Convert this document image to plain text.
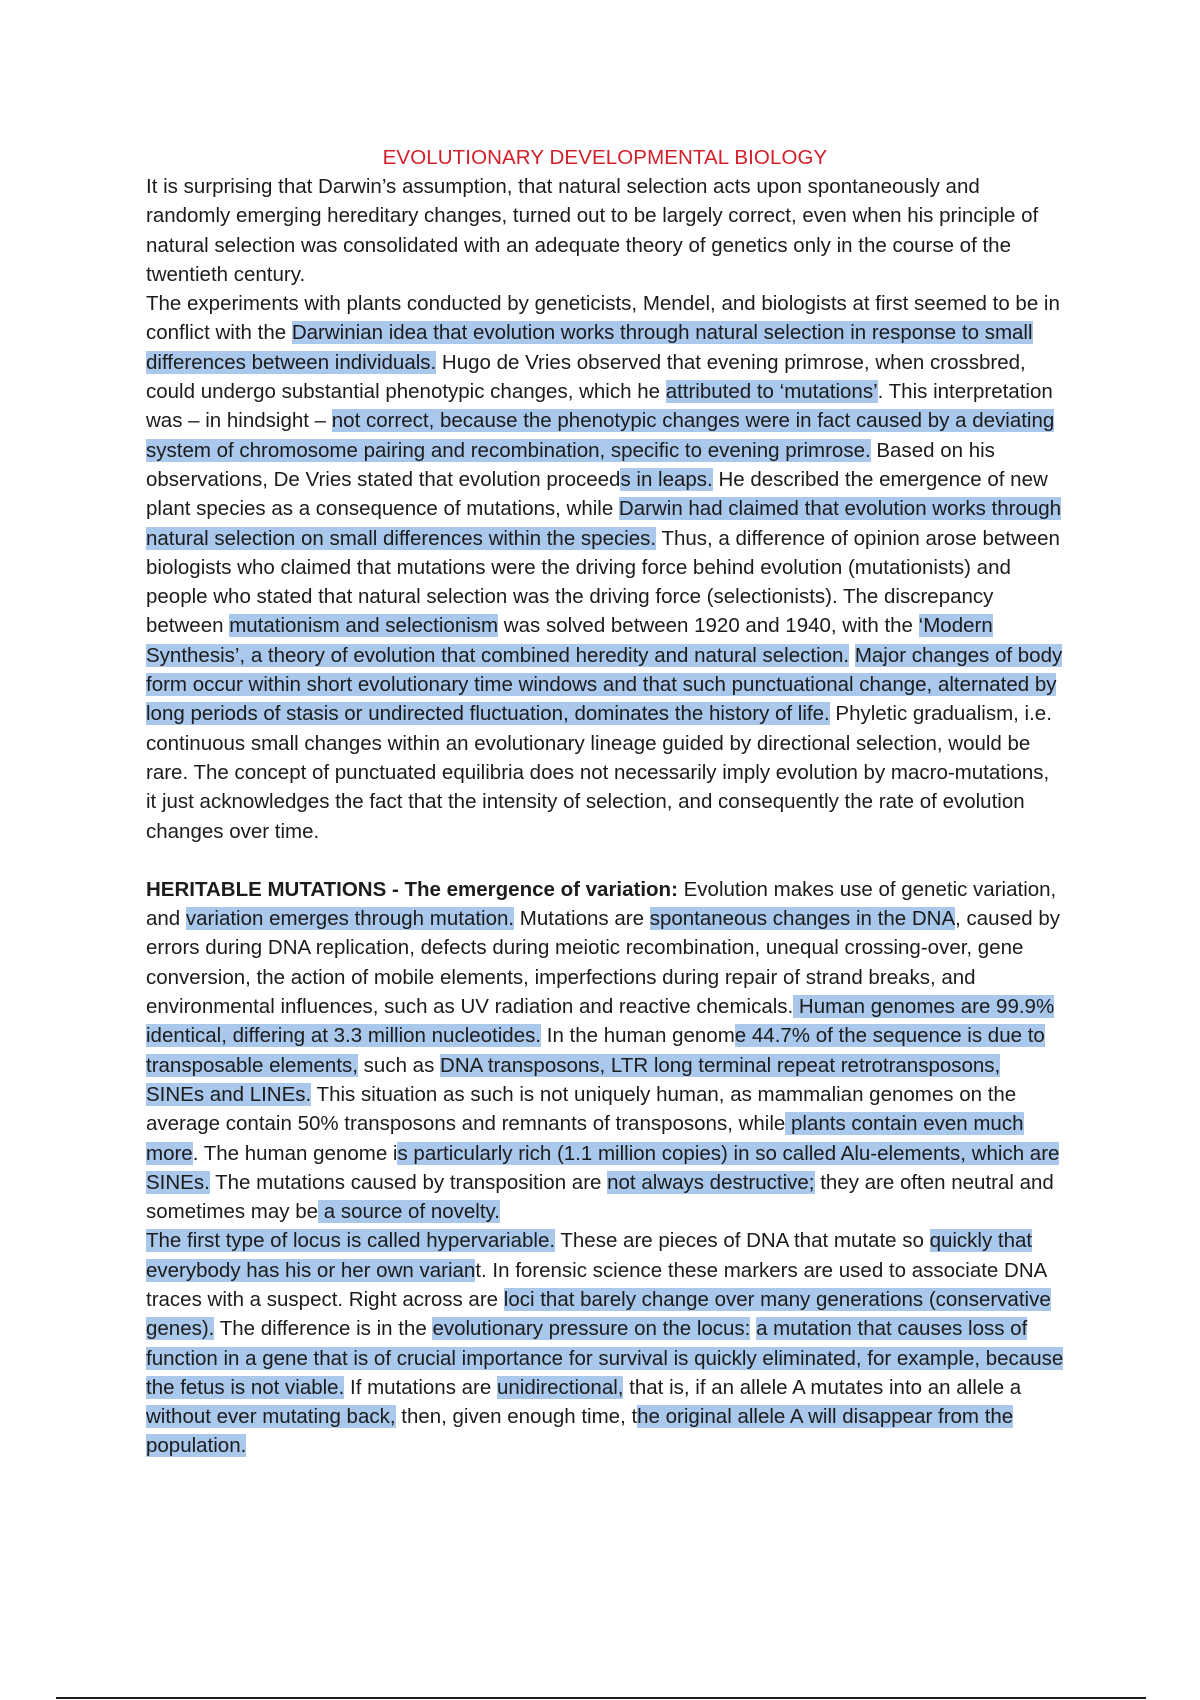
EVOLUTIONARY DEVELOPMENTAL BIOLOGY

It is surprising that Darwin’s assumption, that natural selection acts upon spontaneously and randomly emerging hereditary changes, turned out to be largely correct, even when his principle of natural selection was consolidated with an adequate theory of genetics only in the course of the twentieth century.

The experiments with plants conducted by geneticists, Mendel, and biologists at first seemed to be in conflict with the Darwinian idea that evolution works through natural selection in response to small differences between individuals. Hugo de Vries observed that evening primrose, when crossbred, could undergo substantial phenotypic changes, which he attributed to ‘mutations’. This interpretation was – in hindsight – not correct, because the phenotypic changes were in fact caused by a deviating system of chromosome pairing and recombination, specific to evening primrose. Based on his observations, De Vries stated that evolution proceeds in leaps. He described the emergence of new plant species as a consequence of mutations, while Darwin had claimed that evolution works through natural selection on small differences within the species. Thus, a difference of opinion arose between biologists who claimed that mutations were the driving force behind evolution (mutationists) and people who stated that natural selection was the driving force (selectionists). The discrepancy between mutationism and selectionism was solved between 1920 and 1940, with the ‘Modern Synthesis’, a theory of evolution that combined heredity and natural selection. Major changes of body form occur within short evolutionary time windows and that such punctuational change, alternated by long periods of stasis or undirected fluctuation, dominates the history of life. Phyletic gradualism, i.e. continuous small changes within an evolutionary lineage guided by directional selection, would be rare. The concept of punctuated equilibria does not necessarily imply evolution by macro-mutations, it just acknowledges the fact that the intensity of selection, and consequently the rate of evolution changes over time.

HERITABLE MUTATIONS - The emergence of variation: Evolution makes use of genetic variation, and variation emerges through mutation. Mutations are spontaneous changes in the DNA, caused by errors during DNA replication, defects during meiotic recombination, unequal crossing-over, gene conversion, the action of mobile elements, imperfections during repair of strand breaks, and environmental influences, such as UV radiation and reactive chemicals. Human genomes are 99.9% identical, differing at 3.3 million nucleotides. In the human genome 44.7% of the sequence is due to transposable elements, such as DNA transposons, LTR long terminal repeat retrotransposons, SINEs and LINEs. This situation as such is not uniquely human, as mammalian genomes on the average contain 50% transposons and remnants of transposons, while plants contain even much more. The human genome is particularly rich (1.1 million copies) in so called Alu-elements, which are SINEs. The mutations caused by transposition are not always destructive; they are often neutral and sometimes may be a source of novelty.

The first type of locus is called hypervariable. These are pieces of DNA that mutate so quickly that everybody has his or her own variant. In forensic science these markers are used to associate DNA traces with a suspect. Right across are loci that barely change over many generations (conservative genes). The difference is in the evolutionary pressure on the locus: a mutation that causes loss of function in a gene that is of crucial importance for survival is quickly eliminated, for example, because the fetus is not viable. If mutations are unidirectional, that is, if an allele A mutates into an allele a without ever mutating back, then, given enough time, the original allele A will disappear from the population.
